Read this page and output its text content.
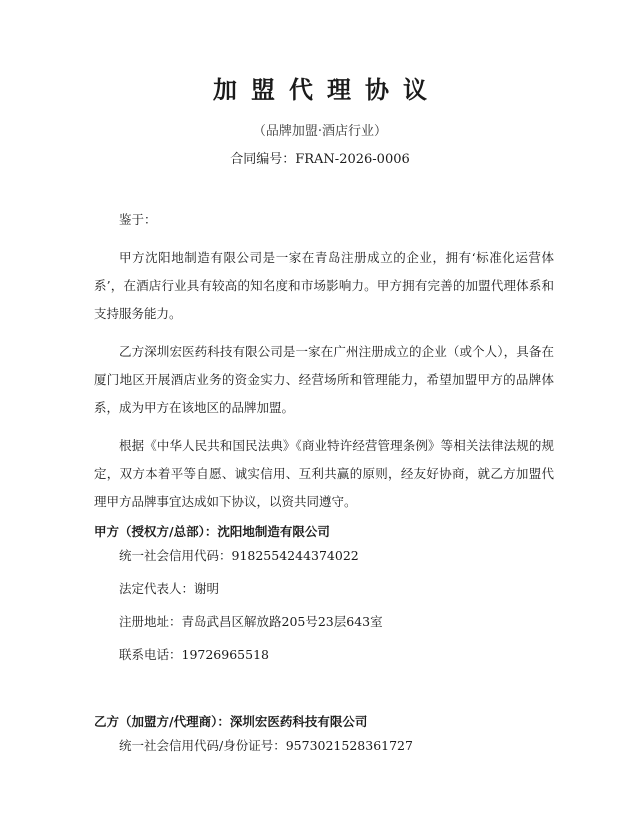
加盟代理协议
（品牌加盟·酒店行业）
合同编号：FRAN-2026-0006

鉴于：

甲方沈阳地制造有限公司是一家在青岛注册成立的企业，拥有‘标准化运营体系’，在酒店行业具有较高的知名度和市场影响力。甲方拥有完善的加盟代理体系和支持服务能力。

乙方深圳宏医药科技有限公司是一家在广州注册成立的企业（或个人），具备在厦门地区开展酒店业务的资金实力、经营场所和管理能力，希望加盟甲方的品牌体系，成为甲方在该地区的品牌加盟。

根据《中华人民共和国民法典》《商业特许经营管理条例》等相关法律法规的规定，双方本着平等自愿、诚实信用、互利共赢的原则，经友好协商，就乙方加盟代理甲方品牌事宜达成如下协议，以资共同遵守。

甲方（授权方/总部）：沈阳地制造有限公司
统一社会信用代码：9182554244374022
法定代表人：谢明
注册地址：青岛武昌区解放路205号23层643室
联系电话：19726965518
乙方（加盟方/代理商）：深圳宏医药科技有限公司
统一社会信用代码/身份证号：9573021528361727
